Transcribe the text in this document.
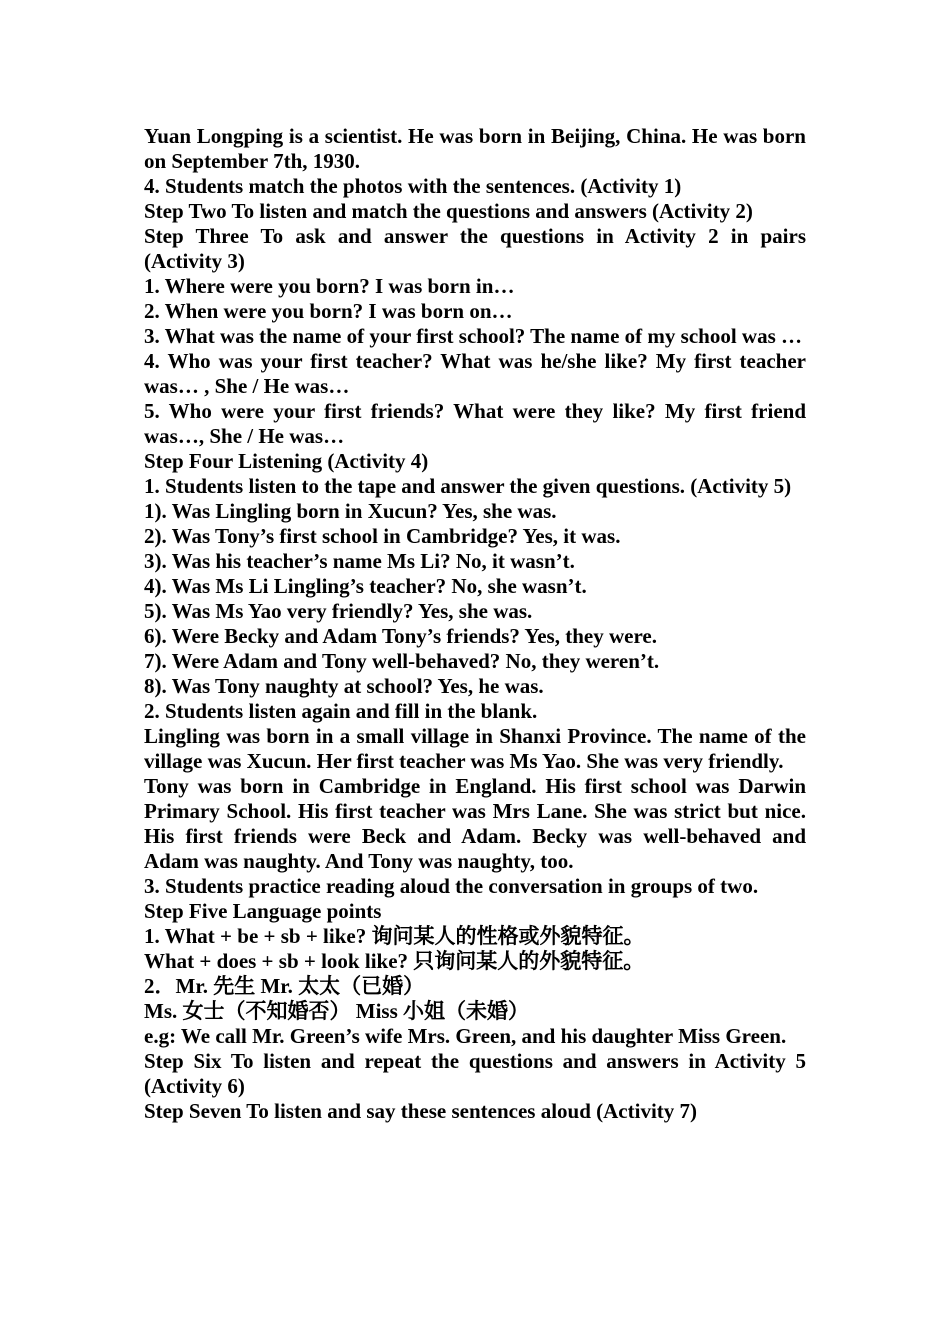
Yuan Longping is a scientist. He was born in Beijing, China. He was born on September 7th, 1930.

4. Students match the photos with the sentences. (Activity 1)

Step Two To listen and match the questions and answers (Activity 2)

Step Three To ask and answer the questions in Activity 2 in pairs (Activity 3)

1. Where were you born? I was born in…

2. When were you born? I was born on…

3. What was the name of your first school? The name of my school was …

4. Who was your first teacher? What was he/she like? My first teacher was… , She / He was…

5. Who were your first friends? What were they like? My first friend was…, She / He was…

Step Four Listening (Activity 4)

1. Students listen to the tape and answer the given questions. (Activity 5)

1). Was Lingling born in Xucun? Yes, she was.

2). Was Tony’s first school in Cambridge? Yes, it was.

3). Was his teacher’s name Ms Li? No, it wasn’t.

4). Was Ms Li Lingling’s teacher? No, she wasn’t.

5). Was Ms Yao very friendly? Yes, she was.

6). Were Becky and Adam Tony’s friends? Yes, they were.

7). Were Adam and Tony well-behaved? No, they weren’t.

8). Was Tony naughty at school? Yes, he was.

2. Students listen again and fill in the blank.

Lingling was born in a small village in Shanxi Province. The name of the village was Xucun. Her first teacher was Ms Yao. She was very friendly.

Tony was born in Cambridge in England. His first school was Darwin Primary School. His first teacher was Mrs Lane. She was strict but nice. His first friends were Beck and Adam. Becky was well-behaved and Adam was naughty. And Tony was naughty, too.

3. Students practice reading aloud the conversation in groups of two.

Step Five Language points

1. What + be + sb + like? 询问某人的性格或外貌特征。

What + does + sb + look like? 只询问某人的外貌特征。

2．Mr. 先生 Mr. 太太（已婚）

Ms. 女士（不知婚否） Miss 小姐（未婚）

e.g: We call Mr. Green’s wife Mrs. Green, and his daughter Miss Green.

Step Six To listen and repeat the questions and answers in Activity 5 (Activity 6)

Step Seven To listen and say these sentences aloud (Activity 7)
